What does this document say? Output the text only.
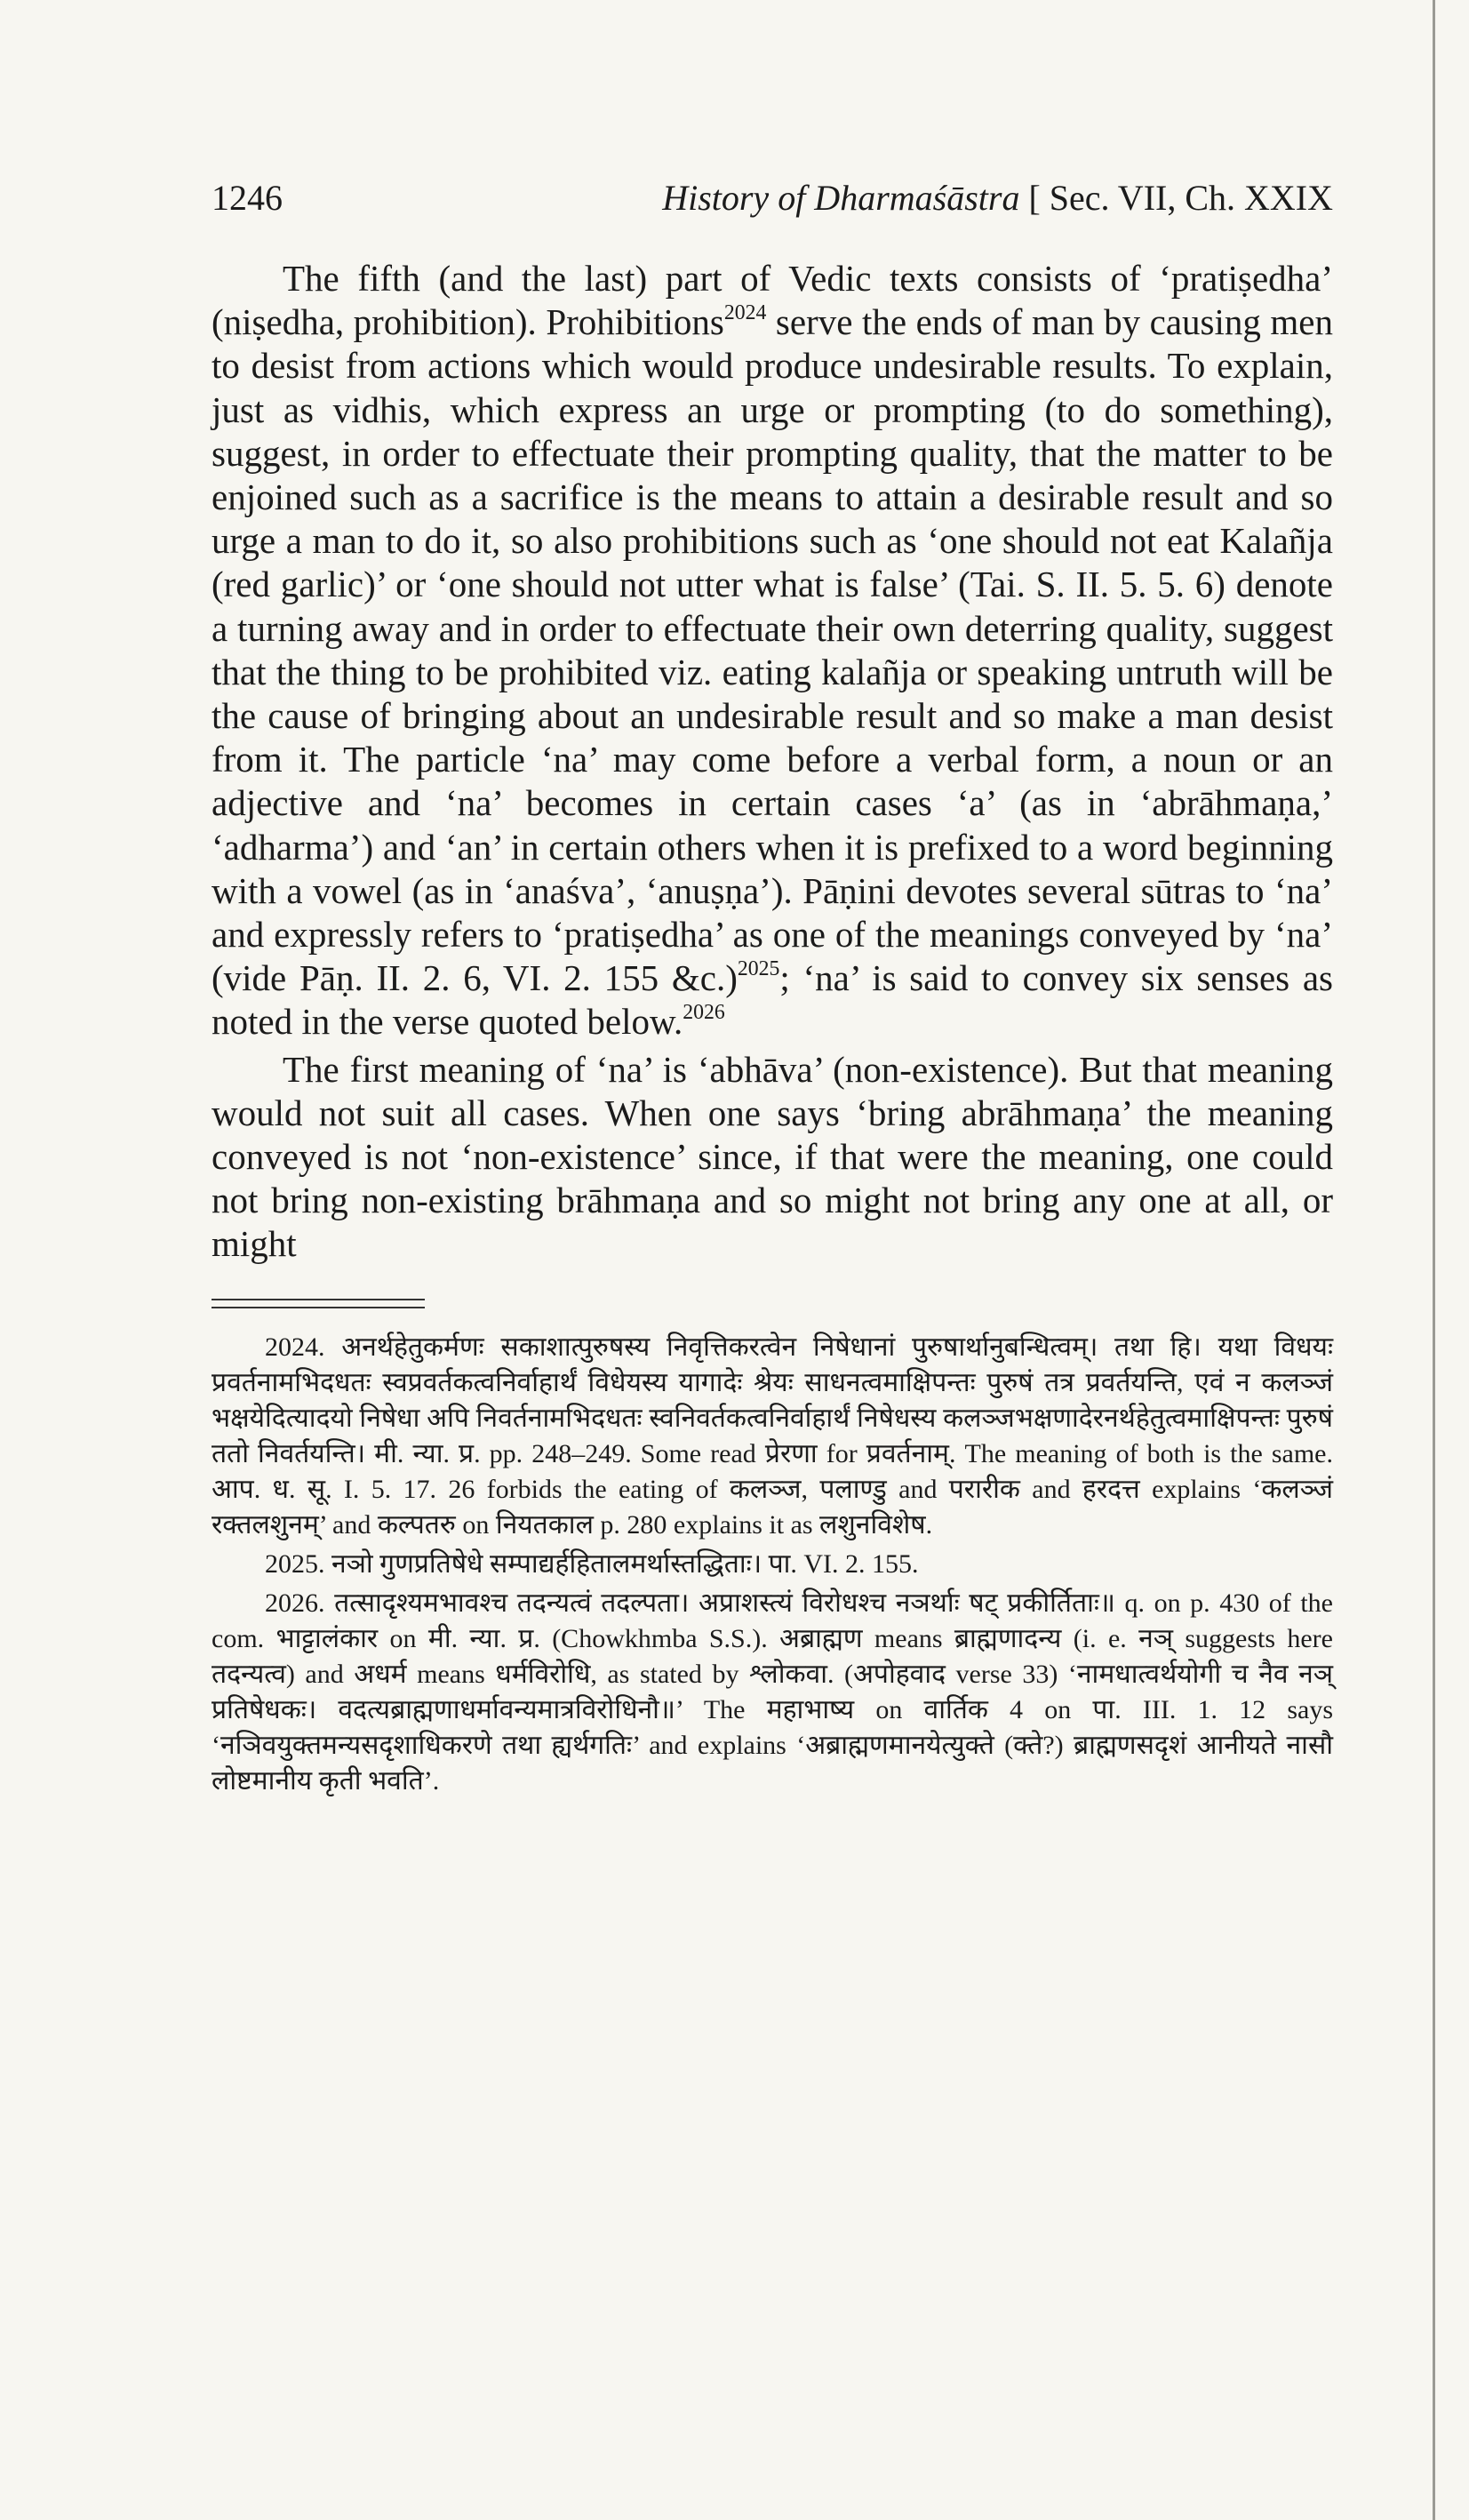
1246	History of Dharmaśāstra [ Sec. VII, Ch. XXIX

The fifth (and the last) part of Vedic texts consists of ‘pratiṣedha’ (niṣedha, prohibition). Prohibitions$^{2024}$ serve the ends of man by causing men to desist from actions which would produce undesirable results. To explain, just as vidhis, which express an urge or prompting (to do something), suggest, in order to effectuate their prompting quality, that the matter to be enjoined such as a sacrifice is the means to attain a desirable result and so urge a man to do it, so also prohibitions such as ‘one should not eat Kalañja (red garlic)’ or ‘one should not utter what is false’ (Tai. S. II. 5. 5. 6) denote a turning away and in order to effectuate their own deterring quality, suggest that the thing to be prohibited viz. eating kalañja or speaking untruth will be the cause of bringing about an undesirable result and so make a man desist from it. The particle ‘na’ may come before a verbal form, a noun or an adjective and ‘na’ becomes in certain cases ‘a’ (as in ‘abrāhmaṇa,’ ‘adharma’) and ‘an’ in certain others when it is prefixed to a word beginning with a vowel (as in ‘anaśva’, ‘anuṣṇa’). Pāṇini devotes several sūtras to ‘na’ and expressly refers to ‘pratiṣedha’ as one of the meanings conveyed by ‘na’ (vide Pāṇ. II. 2. 6, VI. 2. 155 &c.)$^{2025}$; ‘na’ is said to convey six senses as noted in the verse quoted below.$^{2026}$

The first meaning of ‘na’ is ‘abhāva’ (non-existence). But that meaning would not suit all cases. When one says ‘bring abrāhmaṇa’ the meaning conveyed is not ‘non-existence’ since, if that were the meaning, one could not bring non-existing brāhmaṇa and so might not bring any one at all, or might

2024. अनर्थहेतुकर्मणः सकाशात्पुरुषस्य निवृत्तिकरत्वेन निषेधानां पुरुषार्थानुबन्धित्वम्। तथा हि। यथा विधयः प्रवर्तनामभिदधतः स्वप्रवर्तकत्वनिर्वाहार्थं विधेयस्य यागादेः श्रेयः साधनत्वमाक्षिपन्तः पुरुषं तत्र प्रवर्तयन्ति, एवं न कलञ्जं भक्षयेदित्यादयो निषेधा अपि निवर्तनामभिदधतः स्वनिवर्तकत्वनिर्वाहार्थं निषेधस्य कलञ्जभक्षणादेरनर्थहेतुत्वमाक्षिपन्तः पुरुषं ततो निवर्तयन्ति। मी. न्या. प्र. pp. 248–249. Some read प्रेरणा for प्रवर्तनाम्. The meaning of both is the same. आप. ध. सू. I. 5. 17. 26 forbids the eating of कलञ्ज, पलाण्डु and परारीक and हरदत्त explains ‘कलञ्जं रक्तलशुनम्’ and कल्पतरु on नियतकाल p. 280 explains it as लशुनविशेष.

2025. नञो गुणप्रतिषेधे सम्पाद्यर्हहितालमर्थास्तद्धिताः। पा. VI. 2. 155.

2026. तत्सादृश्यमभावश्च तदन्यत्वं तदल्पता। अप्राशस्त्यं विरोधश्च नञर्थाः षट् प्रकीर्तिताः॥ q. on p. 430 of the com. भाट्टालंकार on मी. न्या. प्र. (Chowkhmba S.S.). अब्राह्मण means ब्राह्मणादन्य (i. e. नञ् suggests here तदन्यत्व) and अधर्म means धर्मविरोधि, as stated by श्लोकवा. (अपोहवाद verse 33) ‘नामधात्वर्थयोगी च नैव नञ् प्रतिषेधकः। वदत्यब्राह्मणाधर्मावन्यमात्रविरोधिनौ॥’ The महाभाष्य on वार्तिक 4 on पा. III. 1. 12 says ‘नञिवयुक्तमन्यसदृशाधिकरणे तथा ह्यर्थगतिः’ and explains ‘अब्राह्मणमानयेत्युक्ते (क्ते?) ब्राह्मणसदृशं आनीयते नासौ लोष्टमानीय कृती भवति’.
